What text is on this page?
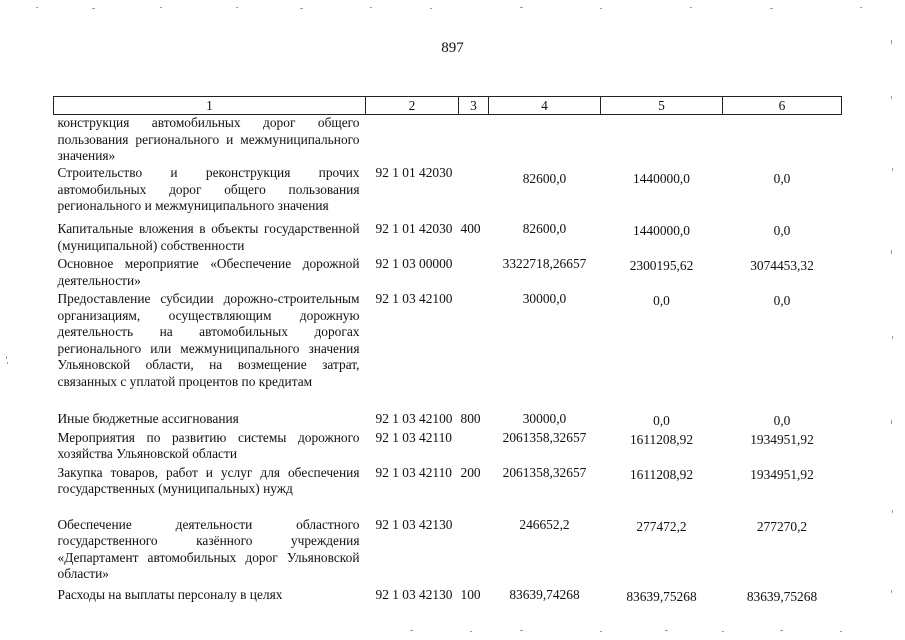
897
1	2	3	4	5	6
конструкция автомобильных дорог общего пользования регионального и межмуниципального значения»					
Строительство и реконструкция прочих автомобильных дорог общего пользования регионального и межмуниципального значения	92 1 01 42030		82600,0	1440000,0	0,0
Капитальные вложения в объекты государственной (муниципальной) собственности	92 1 01 42030	400	82600,0	1440000,0	0,0
Основное мероприятие «Обеспечение дорожной деятельности»	92 1 03 00000		3322718,26657	2300195,62	3074453,32
Предоставление субсидии дорожно-строительным организациям, осуществляющим дорожную деятельность на автомобильных дорогах регионального или межмуниципального значения Ульяновской области, на возмещение затрат, связанных с уплатой процентов по кредитам	92 1 03 42100		30000,0	0,0	0,0
Иные бюджетные ассигнования	92 1 03 42100	800	30000,0	0,0	0,0
Мероприятия по развитию системы дорожного хозяйства Ульяновской области	92 1 03 42110		2061358,32657	1611208,92	1934951,92
Закупка товаров, работ и услуг для обеспечения государственных (муниципальных) нужд	92 1 03 42110	200	2061358,32657	1611208,92	1934951,92
Обеспечение деятельности областного государственного казённого учреждения «Департамент автомобильных дорог Ульяновской области»	92 1 03 42130		246652,2	277472,2	277270,2
Расходы на выплаты персоналу в целях	92 1 03 42130	100	83639,74268	83639,75268	83639,75268
